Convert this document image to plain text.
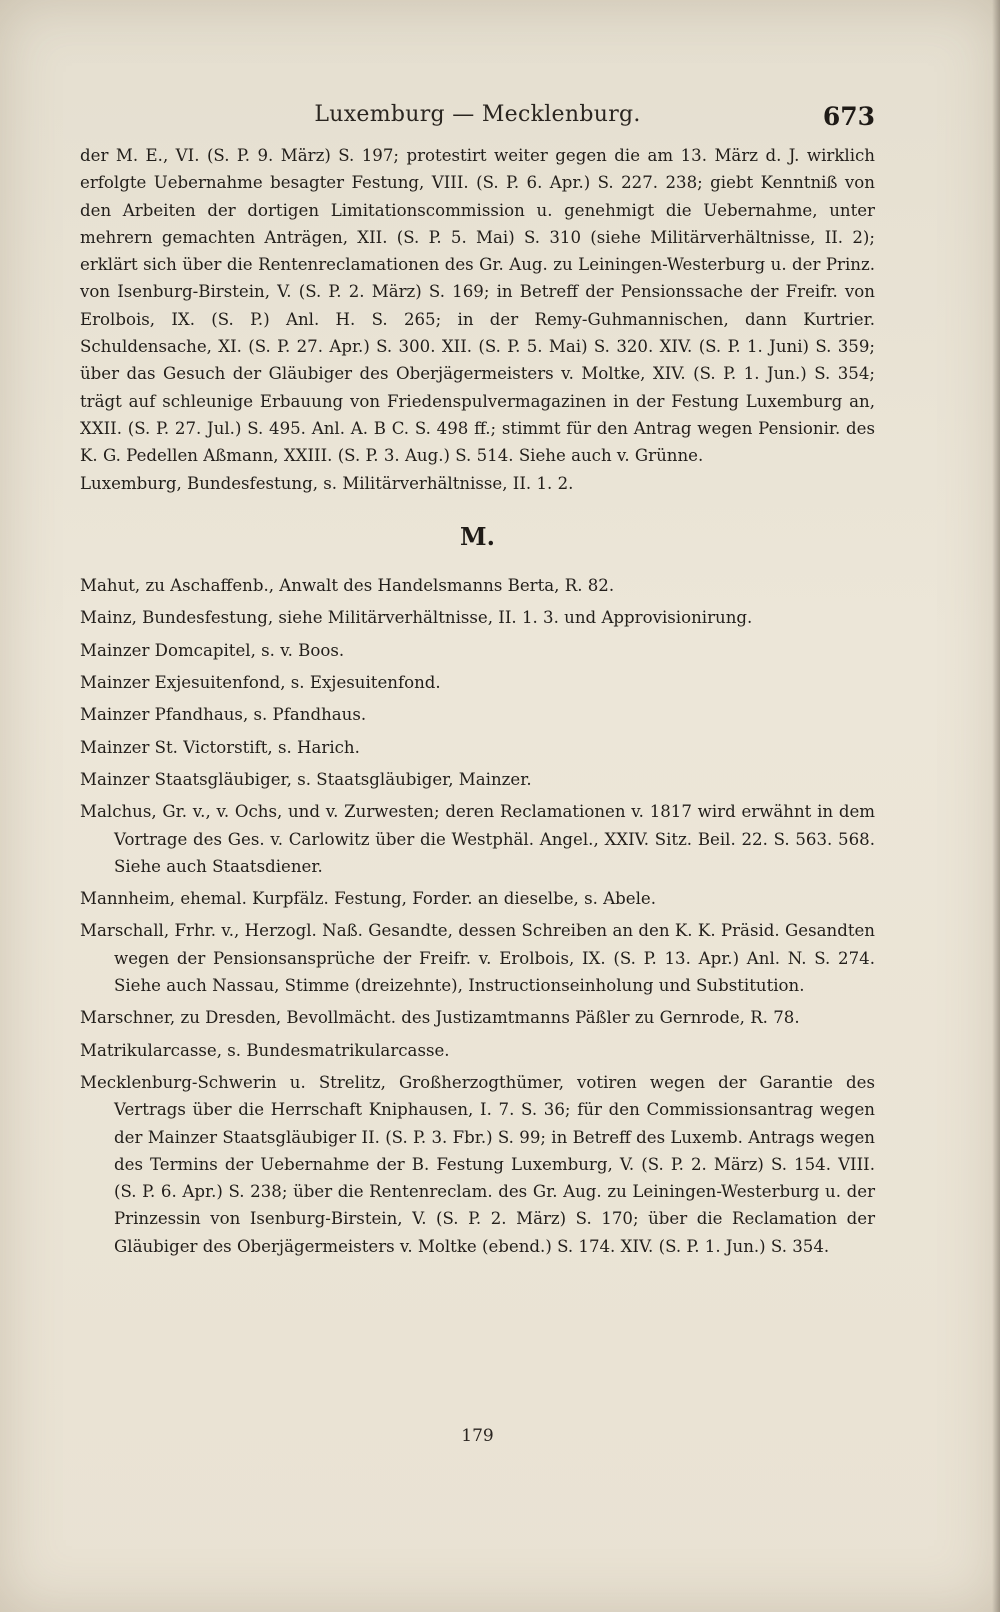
Luxemburg — Mecklenburg.	673

der M. E., VI. (S. P. 9. März) S. 197; protestirt weiter gegen die am 13. März d. J. wirklich erfolgte Uebernahme besagter Festung, VIII. (S. P. 6. Apr.) S. 227. 238; giebt Kenntniß von den Arbeiten der dortigen Limitationscommission u. genehmigt die Uebernahme, unter mehrern gemachten Anträgen, XII. (S. P. 5. Mai) S. 310 (siehe Militärverhältnisse, II. 2); erklärt sich über die Rentenreclamationen des Gr. Aug. zu Leiningen-Westerburg u. der Prinz. von Isenburg-Birstein, V. (S. P. 2. März) S. 169; in Betreff der Pensionssache der Freifr. von Erolbois, IX. (S. P.) Anl. H. S. 265; in der Remy-Guhmannischen, dann Kurtrier. Schuldensache, XI. (S. P. 27. Apr.) S. 300. XII. (S. P. 5. Mai) S. 320. XIV. (S. P. 1. Juni) S. 359; über das Gesuch der Gläubiger des Oberjägermeisters v. Moltke, XIV. (S. P. 1. Jun.) S. 354; trägt auf schleunige Erbauung von Friedenspulvermagazinen in der Festung Luxemburg an, XXII. (S. P. 27. Jul.) S. 495. Anl. A. B C. S. 498 ff.; stimmt für den Antrag wegen Pensionir. des K. G. Pedellen Aßmann, XXIII. (S. P. 3. Aug.) S. 514. Siehe auch v. Grünne.

Luxemburg, Bundesfestung, s. Militärverhältnisse, II. 1. 2.

M.

Mahut, zu Aschaffenb., Anwalt des Handelsmanns Berta, R. 82.

Mainz, Bundesfestung, siehe Militärverhältnisse, II. 1. 3. und Approvisionirung.

Mainzer Domcapitel, s. v. Boos.

Mainzer Exjesuitenfond, s. Exjesuitenfond.

Mainzer Pfandhaus, s. Pfandhaus.

Mainzer St. Victorstift, s. Harich.

Mainzer Staatsgläubiger, s. Staatsgläubiger, Mainzer.

Malchus, Gr. v., v. Ochs, und v. Zurwesten; deren Reclamationen v. 1817 wird erwähnt in dem Vortrage des Ges. v. Carlowitz über die Westphäl. Angel., XXIV. Sitz. Beil. 22. S. 563. 568. Siehe auch Staatsdiener.

Mannheim, ehemal. Kurpfälz. Festung, Forder. an dieselbe, s. Abele.

Marschall, Frhr. v., Herzogl. Naß. Gesandte, dessen Schreiben an den K. K. Präsid. Gesandten wegen der Pensionsansprüche der Freifr. v. Erolbois, IX. (S. P. 13. Apr.) Anl. N. S. 274. Siehe auch Nassau, Stimme (dreizehnte), Instructionseinholung und Substitution.

Marschner, zu Dresden, Bevollmächt. des Justizamtmanns Päßler zu Gernrode, R. 78.

Matrikularcasse, s. Bundesmatrikularcasse.

Mecklenburg-Schwerin u. Strelitz, Großherzogthümer, votiren wegen der Garantie des Vertrags über die Herrschaft Kniphausen, I. 7. S. 36; für den Commissionsantrag wegen der Mainzer Staatsgläubiger II. (S. P. 3. Fbr.) S. 99; in Betreff des Luxemb. Antrags wegen des Termins der Uebernahme der B. Festung Luxemburg, V. (S. P. 2. März) S. 154. VIII. (S. P. 6. Apr.) S. 238; über die Rentenreclam. des Gr. Aug. zu Leiningen-Westerburg u. der Prinzessin von Isenburg-Birstein, V. (S. P. 2. März) S. 170; über die Reclamation der Gläubiger des Oberjägermeisters v. Moltke (ebend.) S. 174. XIV. (S. P. 1. Jun.) S. 354.

179
